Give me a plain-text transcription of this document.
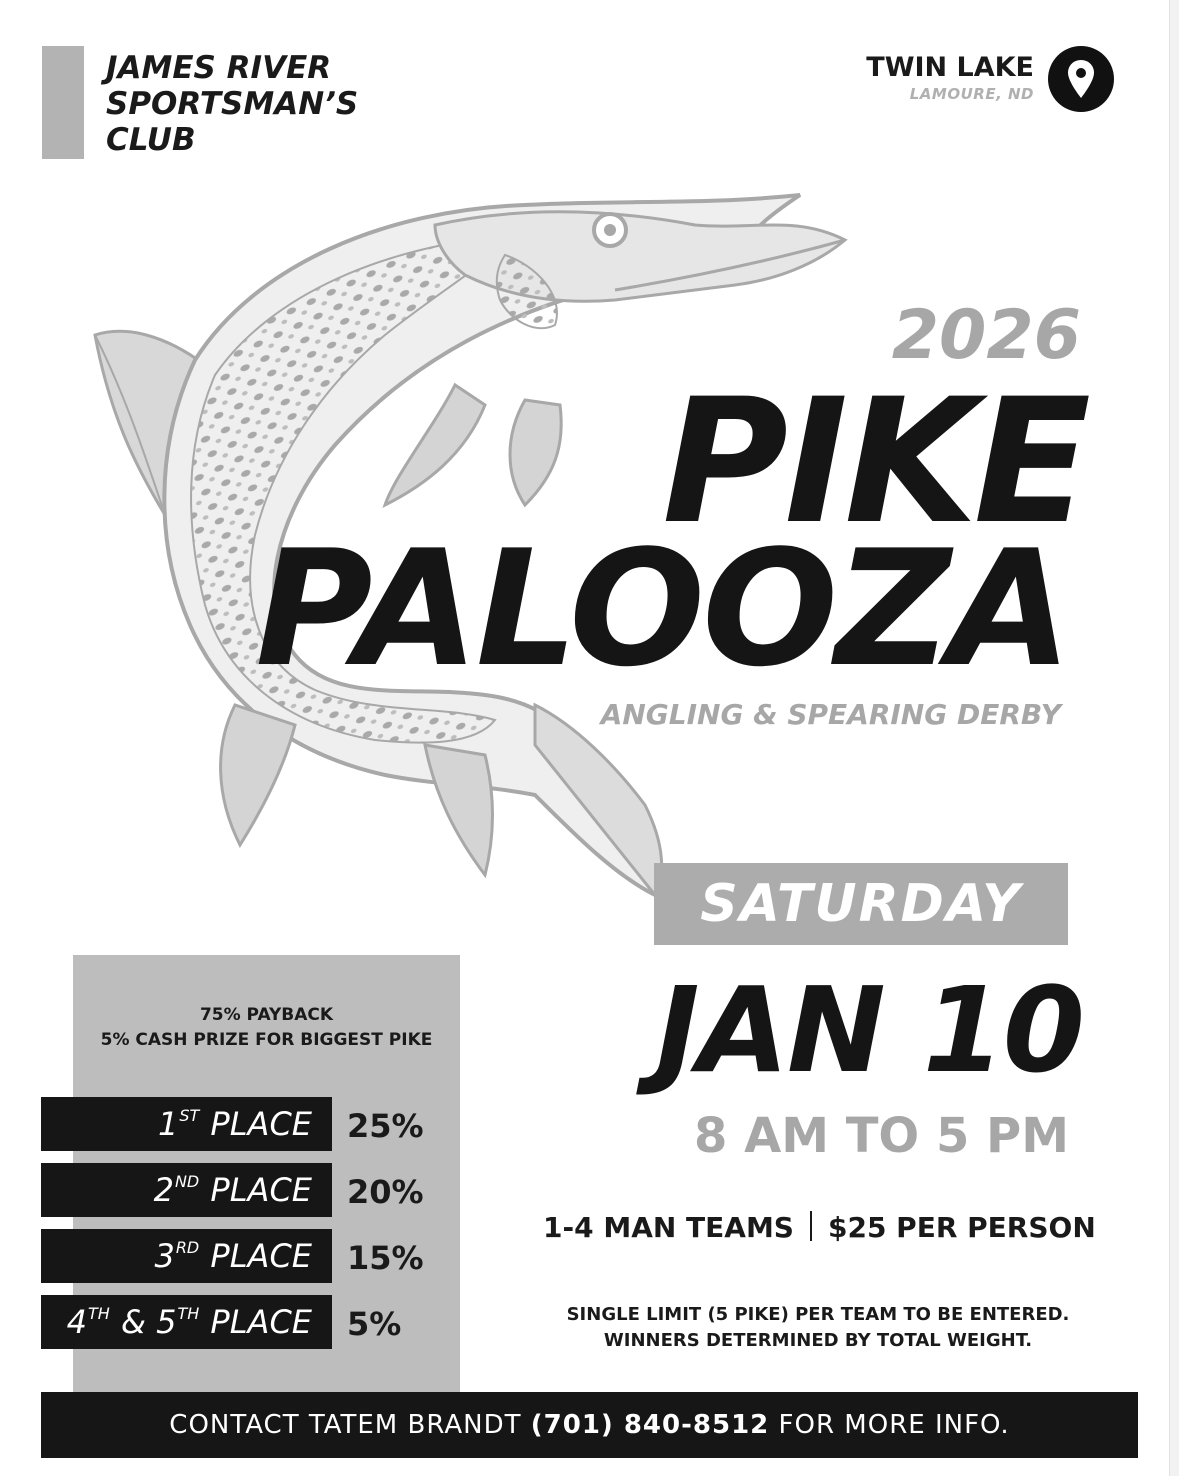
JAMES RIVER
SPORTSMAN’S
CLUB
TWIN LAKE
LAMOURE, ND
2026
PIKE
PALOOZA
ANGLING & SPEARING DERBY
SATURDAY
JAN 10
8 AM TO 5 PM
1-4 MAN TEAMS $25 PER PERSON
SINGLE LIMIT (5 PIKE) PER TEAM TO BE ENTERED.
WINNERS DETERMINED BY TOTAL WEIGHT.
75% PAYBACK
5% CASH PRIZE FOR BIGGEST PIKE
1ST PLACE	25%
2ND PLACE	20%
3RD PLACE	15%
4TH & 5TH PLACE	5%
CONTACT TATEM BRANDT (701) 840-8512 FOR MORE INFO.
